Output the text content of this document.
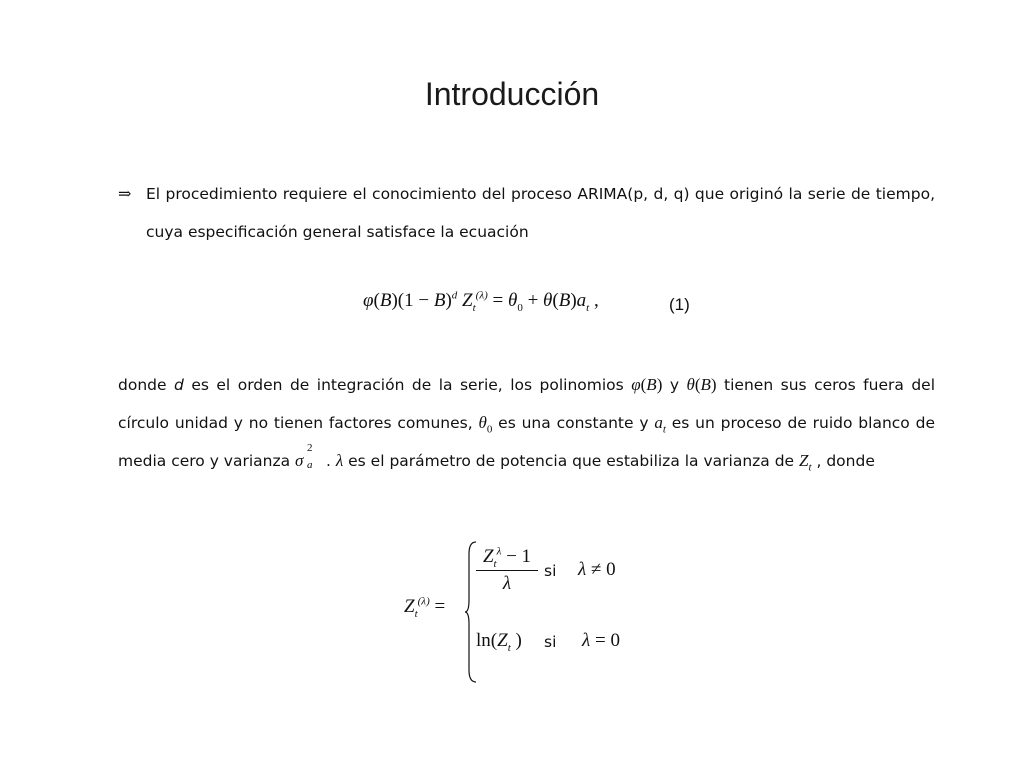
Introducción
⇒ El procedimiento requiere el conocimiento del proceso ARIMA(p, d, q) que originó la serie de tiempo, cuya especificación general satisface la ecuación
$\varphi(B)(1 - B)^d$ $Z_t^{(\lambda)} = \theta_0 + \theta(B)a_t$ ,	(1)
donde d es el orden de integración de la serie, los polinomios φ(B) y θ(B) tienen sus ceros fuera del círculo unidad y no tienen factores comunes, $\theta_0$ es una constante y $a_t$ es un proceso de ruido blanco de media cero y varianza σ
2
a . λ es el parámetro de potencia que estabiliza la varianza de $Z_t$ , donde
$Z_t^{(\lambda)}$ =
$Z_t^\lambda - 1$
λ
si λ ≠ 0
$\ln(Z_t$ ) si λ = 0
